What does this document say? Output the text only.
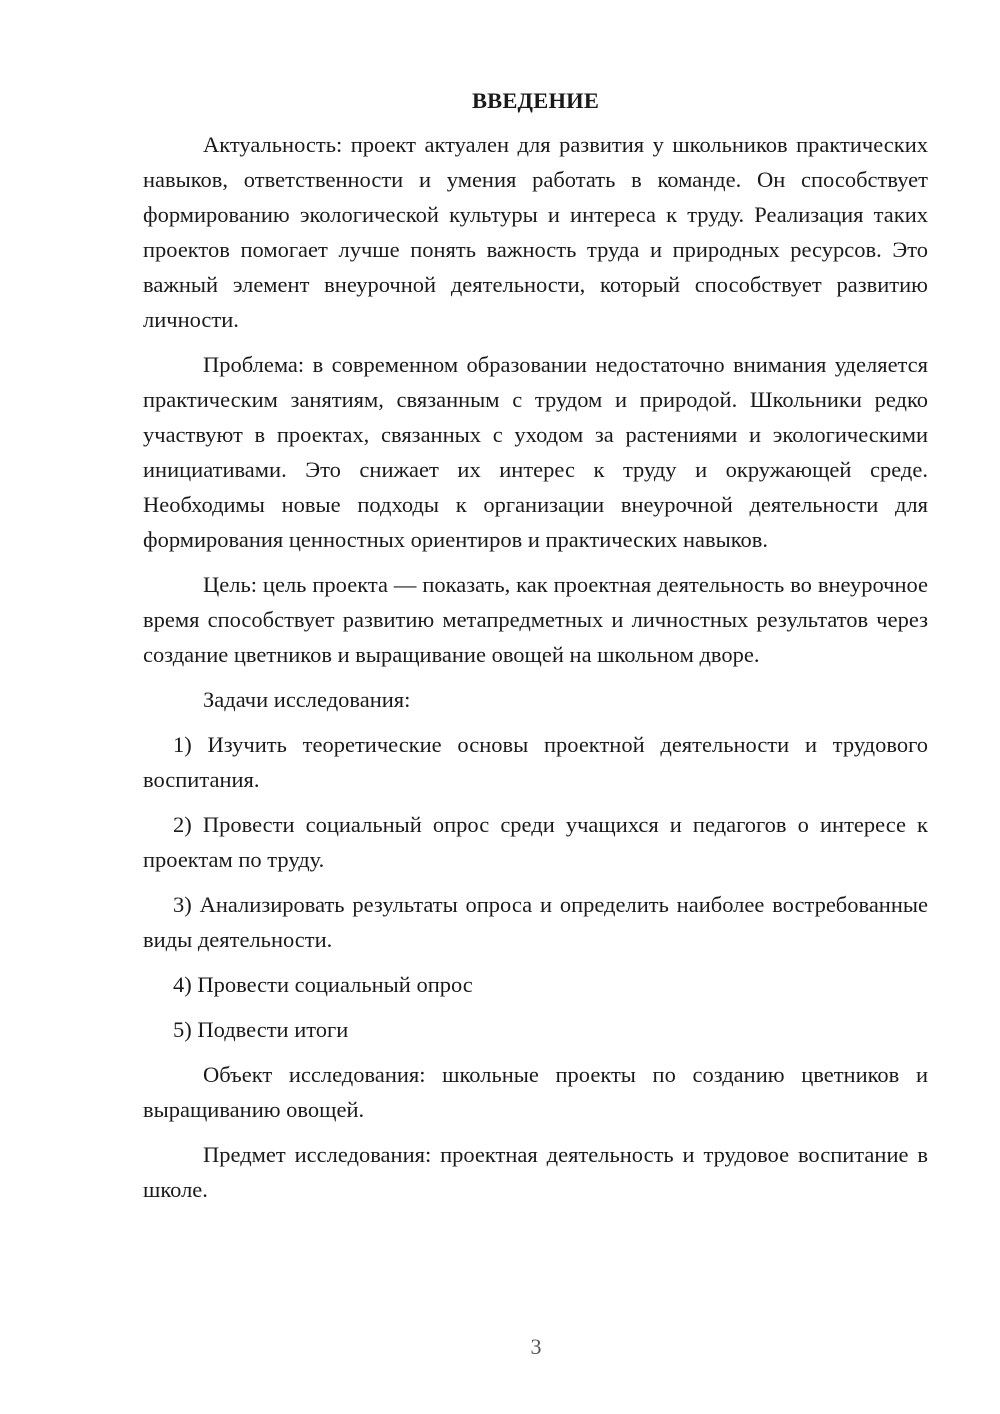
ВВЕДЕНИЕ

Актуальность: проект актуален для развития у школьников практических навыков, ответственности и умения работать в команде. Он способствует формированию экологической культуры и интереса к труду. Реализация таких проектов помогает лучше понять важность труда и природных ресурсов. Это важный элемент внеурочной деятельности, который способствует развитию личности.

Проблема: в современном образовании недостаточно внимания уделяется практическим занятиям, связанным с трудом и природой. Школьники редко участвуют в проектах, связанных с уходом за растениями и экологическими инициативами. Это снижает их интерес к труду и окружающей среде. Необходимы новые подходы к организации внеурочной деятельности для формирования ценностных ориентиров и практических навыков.

Цель: цель проекта — показать, как проектная деятельность во внеурочное время способствует развитию метапредметных и личностных результатов через создание цветников и выращивание овощей на школьном дворе.

Задачи исследования:

1) Изучить теоретические основы проектной деятельности и трудового воспитания.

2) Провести социальный опрос среди учащихся и педагогов о интересе к проектам по труду.

3) Анализировать результаты опроса и определить наиболее востребованные виды деятельности.

4) Провести социальный опрос

5) Подвести итоги

Объект исследования: школьные проекты по созданию цветников и выращиванию овощей.

Предмет исследования: проектная деятельность и трудовое воспитание в школе.

3
